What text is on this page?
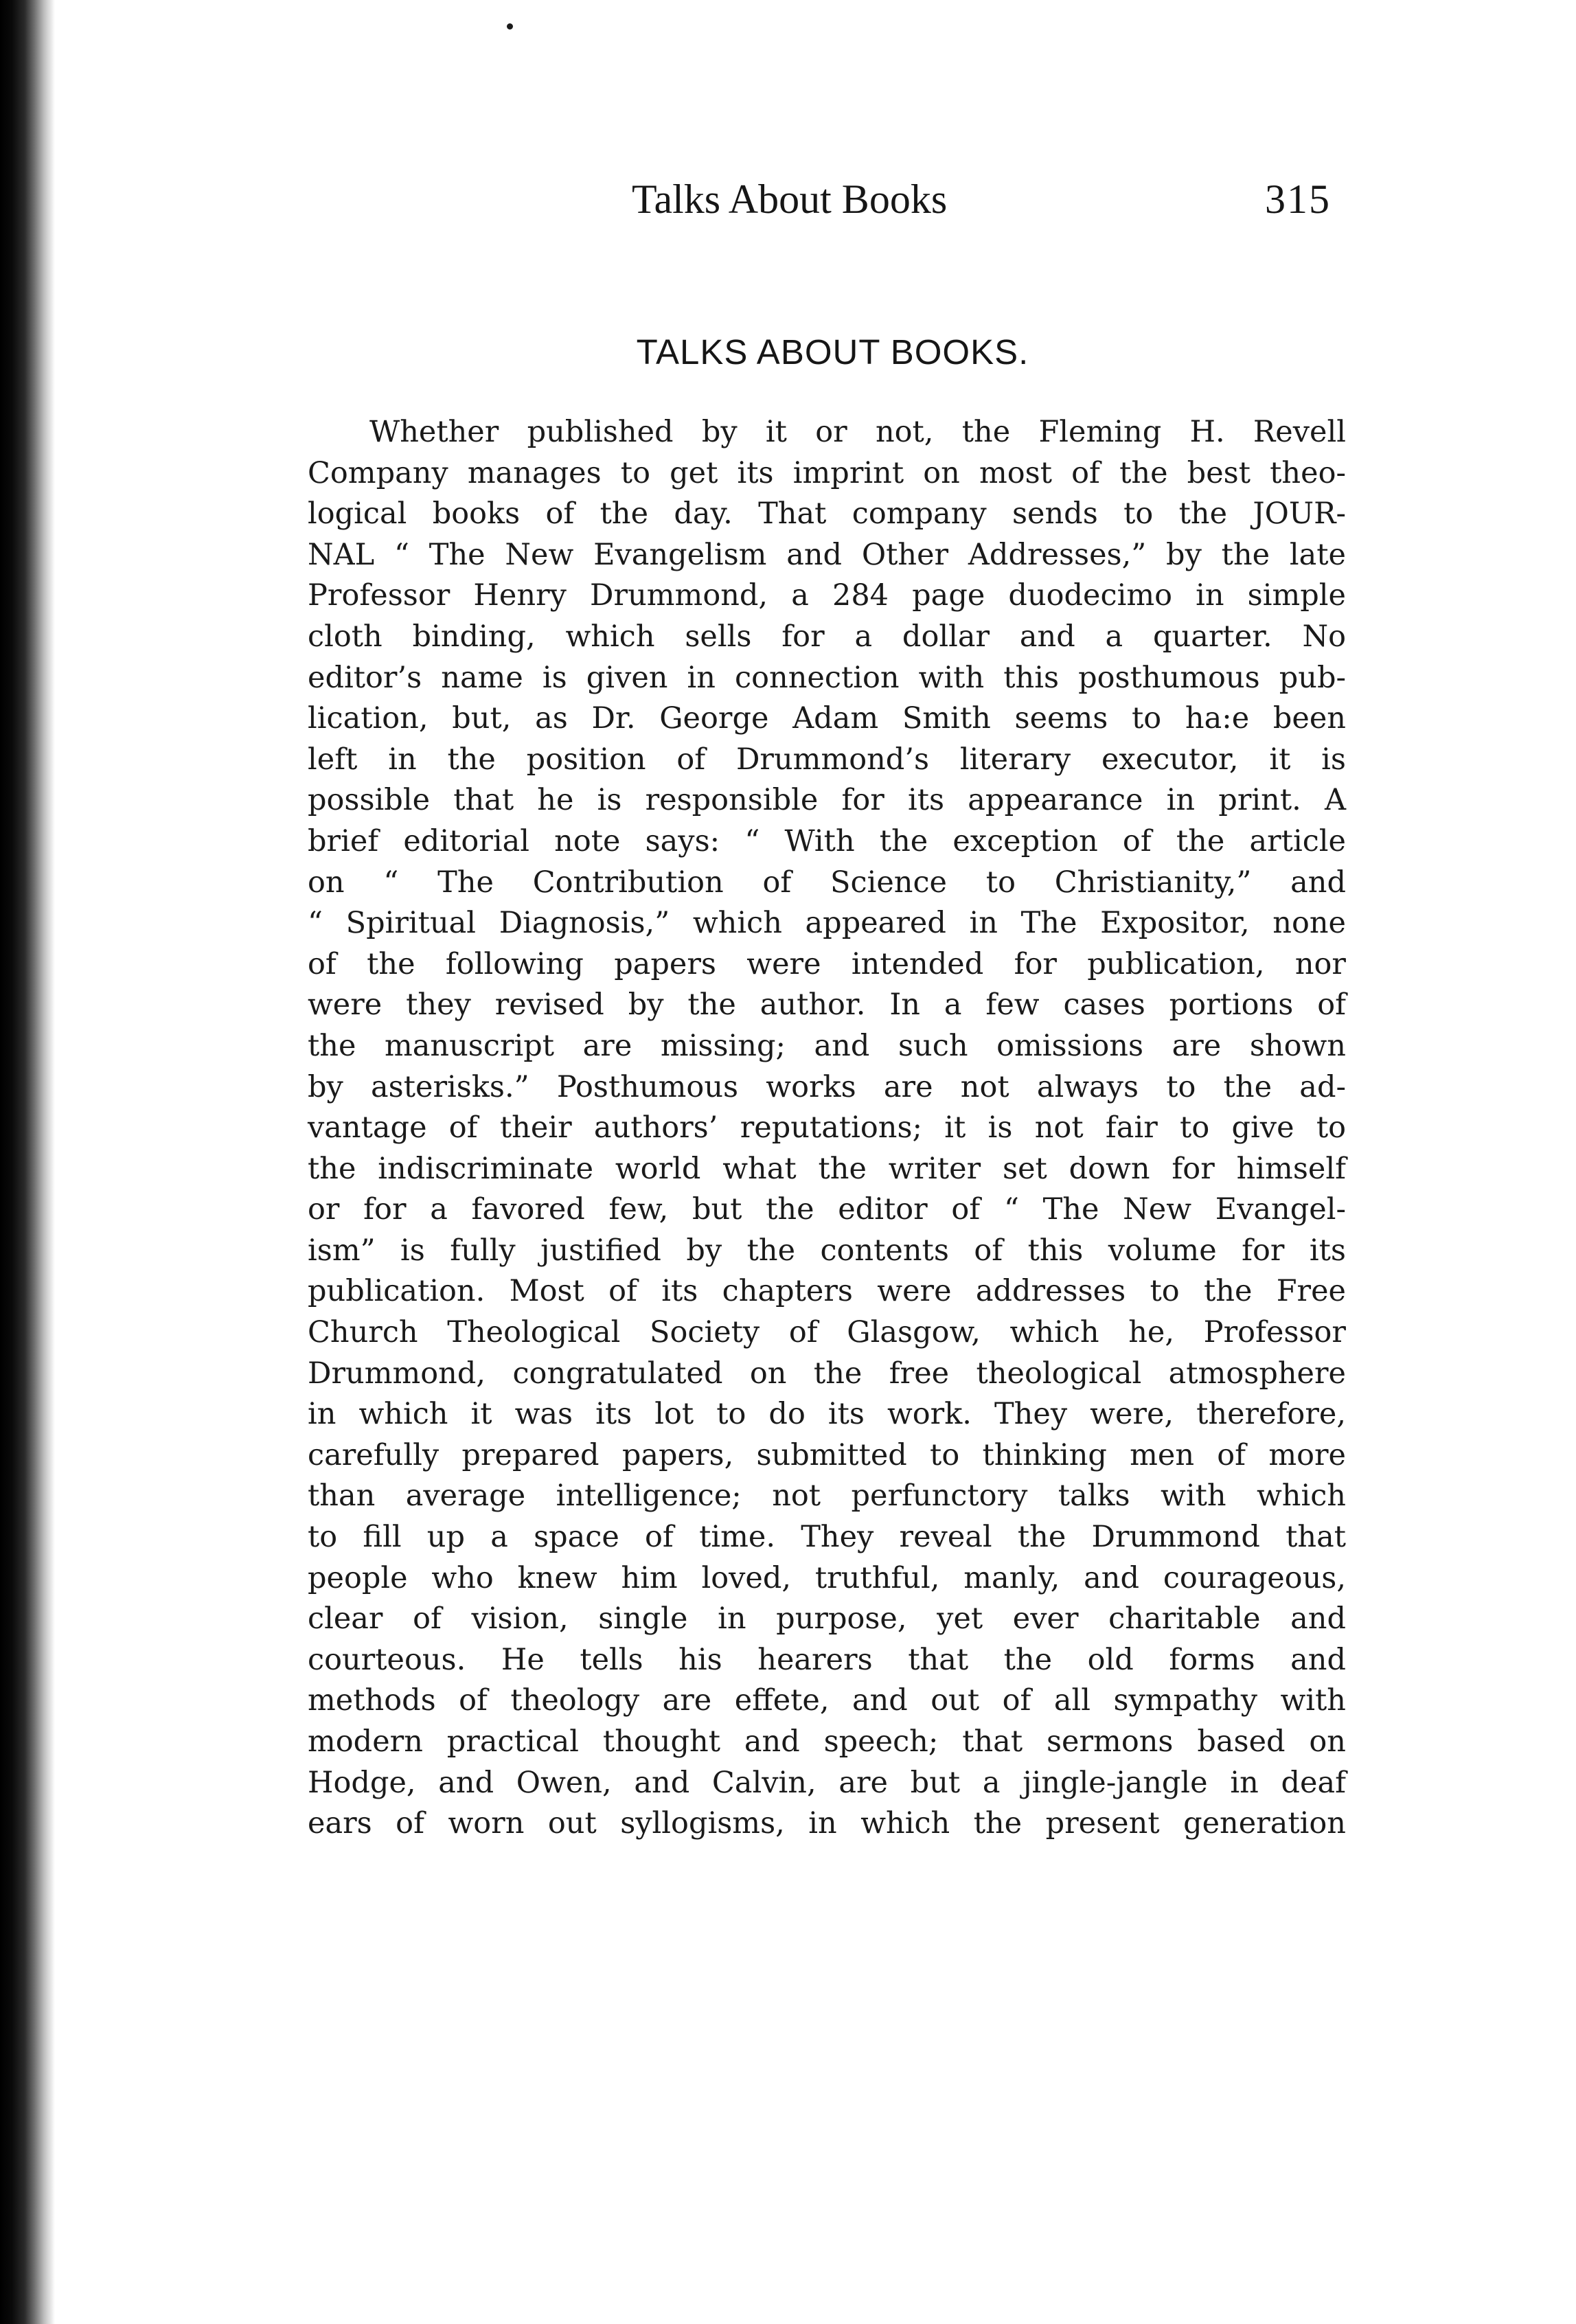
Talks About Books	315
TALKS ABOUT BOOKS.
Whether published by it or not, the Fleming H. Revell
Company manages to get its imprint on most of the best theo-
logical books of the day. That company sends to the JOUR-
NAL “ The New Evangelism and Other Addresses,” by the late
Professor Henry Drummond, a 284 page duodecimo in simple
cloth binding, which sells for a dollar and a quarter. No
editor’s name is given in connection with this posthumous pub-
lication, but, as Dr. George Adam Smith seems to ha:e been
left in the position of Drummond’s literary executor, it is
possible that he is responsible for its appearance in print. A
brief editorial note says: “ With the exception of the article
on “ The Contribution of Science to Christianity,” and
“ Spiritual Diagnosis,” which appeared in The Expositor, none
of the following papers were intended for publication, nor
were they revised by the author. In a few cases portions of
the manuscript are missing; and such omissions are shown
by asterisks.” Posthumous works are not always to the ad-
vantage of their authors’ reputations; it is not fair to give to
the indiscriminate world what the writer set down for himself
or for a favored few, but the editor of “ The New Evangel-
ism” is fully justified by the contents of this volume for its
publication. Most of its chapters were addresses to the Free
Church Theological Society of Glasgow, which he, Professor
Drummond, congratulated on the free theological atmosphere
in which it was its lot to do its work. They were, therefore,
carefully prepared papers, submitted to thinking men of more
than average intelligence; not perfunctory talks with which
to fill up a space of time. They reveal the Drummond that
people who knew him loved, truthful, manly, and courageous,
clear of vision, single in purpose, yet ever charitable and
courteous. He tells his hearers that the old forms and
methods of theology are effete, and out of all sympathy with
modern practical thought and speech; that sermons based on
Hodge, and Owen, and Calvin, are but a jingle-jangle in deaf
ears of worn out syllogisms, in which the present generation
